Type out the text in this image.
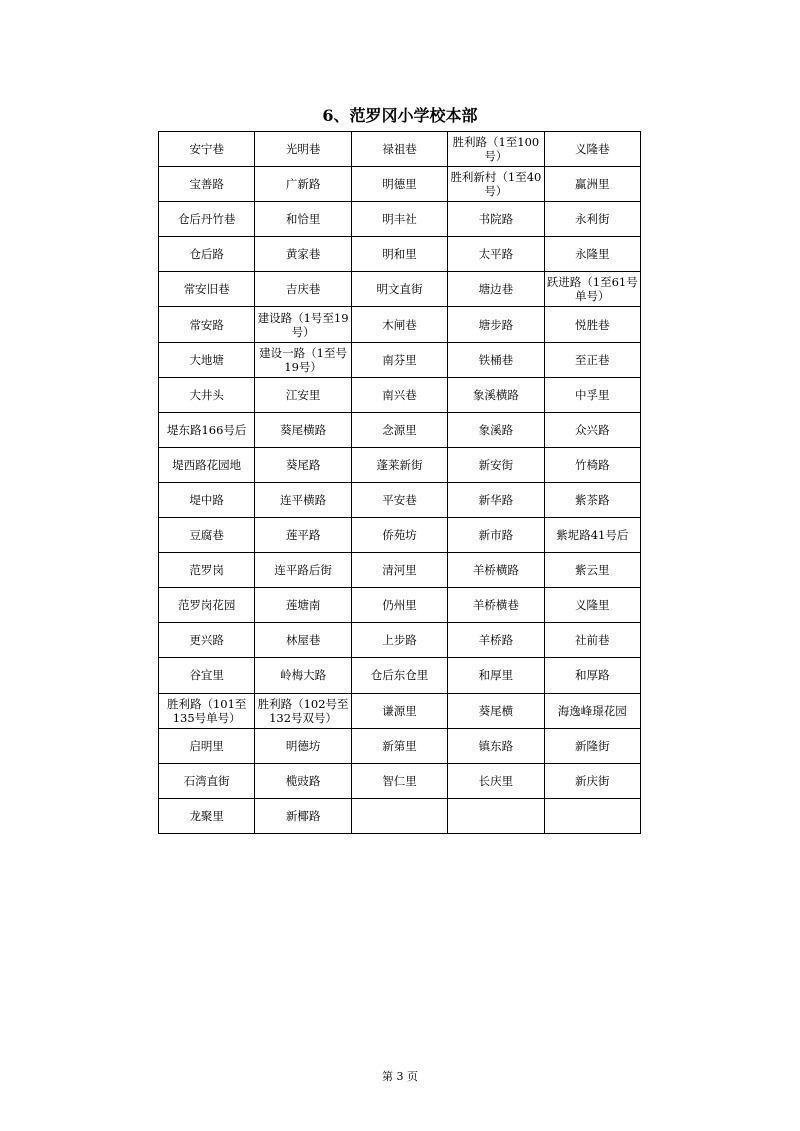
6、范罗冈小学校本部
安宁巷	光明巷	禄祖巷	胜利路（1至100号）	义隆巷
宝善路	广新路	明德里	胜利新村（1至40号）	赢洲里
仓后丹竹巷	和恰里	明丰社	书院路	永利街
仓后路	黄家巷	明和里	太平路	永隆里
常安旧巷	吉庆巷	明文直街	塘边巷	跃进路（1至61号单号）
常安路	建设路（1号至19号）	木闸巷	塘步路	悦胜巷
大地塘	建设一路（1至号19号）	南芬里	铁桶巷	至正巷
大井头	江安里	南兴巷	象溪横路	中孚里
堤东路166号后	葵尾横路	念源里	象溪路	众兴路
堤西路花园地	葵尾路	蓬莱新街	新安街	竹椅路
堤中路	连平横路	平安巷	新华路	紫茶路
豆腐巷	莲平路	侨苑坊	新市路	紫坭路41号后
范罗岗	连平路后街	清河里	羊桥横路	紫云里
范罗岗花园	莲塘南	仍州里	羊桥横巷	义隆里
更兴路	林屋巷	上步路	羊桥路	社前巷
谷宜里	岭梅大路	仓后东仓里	和厚里	和厚路
胜利路（101至135号单号）	胜利路（102号至132号双号）	谦源里	葵尾横	海逸峰璟花园
启明里	明德坊	新第里	镇东路	新隆街
石湾直街	榄豉路	智仁里	长庆里	新庆街
龙聚里	新椰路			
第 3 页
